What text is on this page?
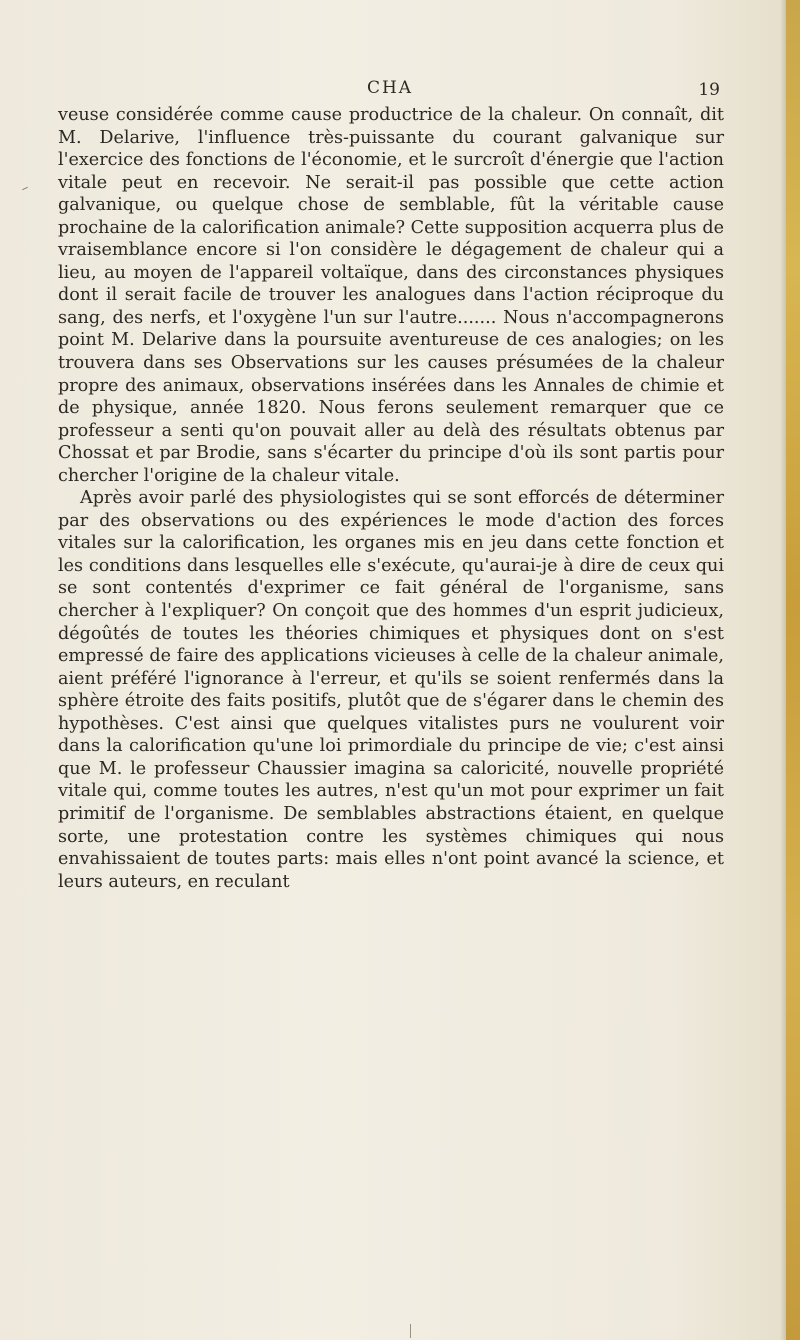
CHA	19

veuse considérée comme cause productrice de la chaleur. On connaît, dit M. Delarive, l'influence très-puissante du courant galvanique sur l'exercice des fonctions de l'économie, et le surcroît d'énergie que l'action vitale peut en recevoir. Ne serait-il pas possible que cette action galvanique, ou quelque chose de semblable, fût la véritable cause prochaine de la calorification animale? Cette supposition acquerra plus de vraisemblance encore si l'on considère le dégagement de chaleur qui a lieu, au moyen de l'appareil voltaïque, dans des circonstances physiques dont il serait facile de trouver les analogues dans l'action réciproque du sang, des nerfs, et l'oxygène l'un sur l'autre....... Nous n'accompagnerons point M. Delarive dans la poursuite aventureuse de ces analogies; on les trouvera dans ses Observations sur les causes présumées de la chaleur propre des animaux, observations insérées dans les Annales de chimie et de physique, année 1820. Nous ferons seulement remarquer que ce professeur a senti qu'on pouvait aller au delà des résultats obtenus par Chossat et par Brodie, sans s'écarter du principe d'où ils sont partis pour chercher l'origine de la chaleur vitale.

Après avoir parlé des physiologistes qui se sont efforcés de déterminer par des observations ou des expériences le mode d'action des forces vitales sur la calorification, les organes mis en jeu dans cette fonction et les conditions dans lesquelles elle s'exécute, qu'aurai-je à dire de ceux qui se sont contentés d'exprimer ce fait général de l'organisme, sans chercher à l'expliquer? On conçoit que des hommes d'un esprit judicieux, dégoûtés de toutes les théories chimiques et physiques dont on s'est empressé de faire des applications vicieuses à celle de la chaleur animale, aient préféré l'ignorance à l'erreur, et qu'ils se soient renfermés dans la sphère étroite des faits positifs, plutôt que de s'égarer dans le chemin des hypothèses. C'est ainsi que quelques vitalistes purs ne voulurent voir dans la calorification qu'une loi primordiale du principe de vie; c'est ainsi que M. le professeur Chaussier imagina sa caloricité, nouvelle propriété vitale qui, comme toutes les autres, n'est qu'un mot pour exprimer un fait primitif de l'organisme. De semblables abstractions étaient, en quelque sorte, une protestation contre les systèmes chimiques qui nous envahissaient de toutes parts: mais elles n'ont point avancé la science, et leurs auteurs, en reculant
